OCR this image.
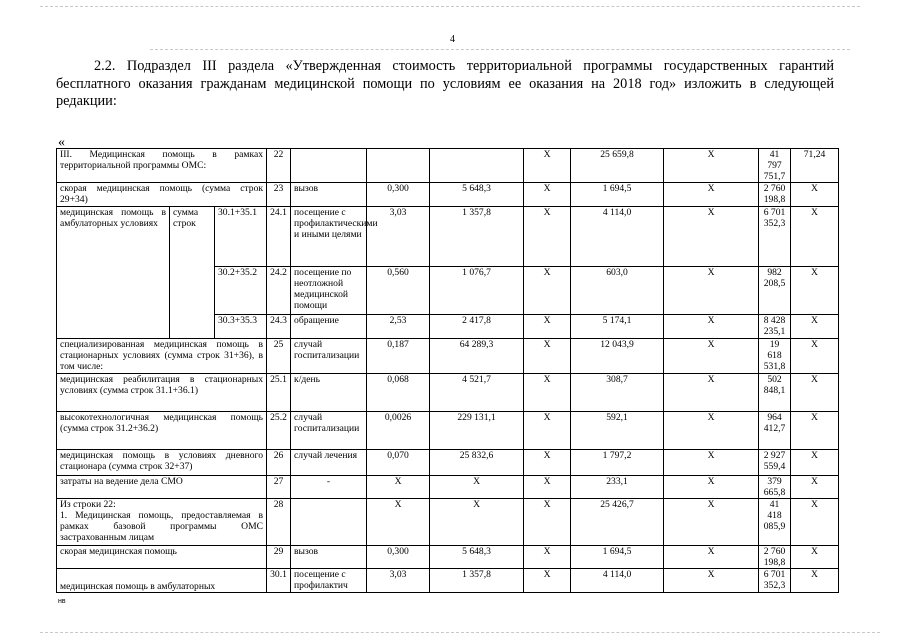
4

2.2. Подраздел III раздела «Утвержденная стоимость территориальной программы государственных гарантий бесплатного оказания гражданам медицинской помощи по условиям ее оказания на 2018 год» изложить в следующей редакции:

«
III. Медицинская помощь в рамках территориальной программы ОМС:			22				X	25 659,8	X	41 797 751,7	71,24
скорая медицинская помощь (сумма строк 29+34)			23	вызов	0,300	5 648,3	X	1 694,5	X	2 760 198,8	X
медицинская помощь в амбулаторных условиях	сумма строк	30.1+35.1	24.1	посещение с профилактическими и иными целями	3,03	1 357,8	X	4 114,0	X	6 701 352,3	X
		30.2+35.2	24.2	посещение по неотложной медицинской помощи	0,560	1 076,7	X	603,0	X	982 208,5	X
		30.3+35.3	24.3	обращение	2,53	2 417,8	X	5 174,1	X	8 428 235,1	X
специализированная медицинская помощь в стационарных условиях (сумма строк 31+36), в том числе:			25	случай госпитализации	0,187	64 289,3	X	12 043,9	X	19 618 531,8	X
медицинская реабилитация в стационарных условиях (сумма строк 31.1+36.1)			25.1	к/день	0,068	4 521,7	X	308,7	X	502 848,1	X
высокотехнологичная медицинская помощь (сумма строк 31.2+36.2)			25.2	случай госпитализации	0,0026	229 131,1	X	592,1	X	964 412,7	X
медицинская помощь в условиях дневного стационара (сумма строк 32+37)			26	случай лечения	0,070	25 832,6	X	1 797,2	X	2 927 559,4	X
затраты на ведение дела СМО			27	-	X	X	X	233,1	X	379 665,8	X
Из строки 22:
1. Медицинская помощь, предоставляемая в рамках базовой программы ОМС застрахованным лицам			28		X	X	X	25 426,7	X	41 418 085,9	X
скорая медицинская помощь			29	вызов	0,300	5 648,3	X	1 694,5	X	2 760 198,8	X
медицинская помощь в амбулаторных			30.1	посещение с профилактич	3,03	1 357,8	X	4 114,0	X	6 701 352,3	X
нв
